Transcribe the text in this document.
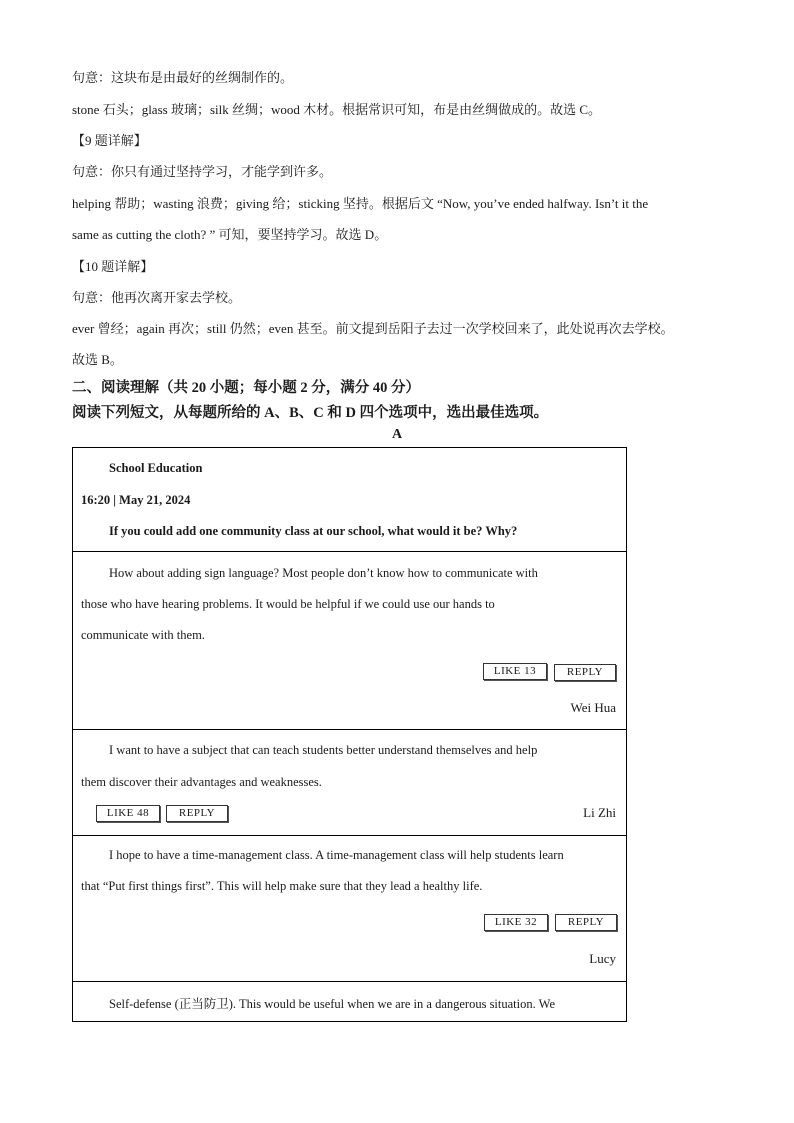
句意：这块布是由最好的丝绸制作的。
stone 石头；glass 玻璃；silk 丝绸；wood 木材。根据常识可知，布是由丝绸做成的。故选 C。
【9 题详解】
句意：你只有通过坚持学习，才能学到许多。
helping 帮助；wasting 浪费；giving 给；sticking 坚持。根据后文 “Now, you’ve ended halfway. Isn’t it the
same as cutting the cloth? ” 可知，要坚持学习。故选 D。
【10 题详解】
句意：他再次离开家去学校。
ever 曾经；again 再次；still 仍然；even 甚至。前文提到岳阳子去过一次学校回来了，此处说再次去学校。
故选 B。
二、阅读理解（共 20 小题；每小题 2 分，满分 40 分）
阅读下列短文，从每题所给的 A、B、C 和 D 四个选项中，选出最佳选项。
A
School Education
16:20 | May 21, 2024
If you could add one community class at our school, what would it be? Why?
How about adding sign language? Most people don’t know how to communicate with
those who have hearing problems. It would be helpful if we could use our hands to
communicate with them.
LIKE 13	REPLY
Wei Hua
I want to have a subject that can teach students better understand themselves and help
them discover their advantages and weaknesses.
LIKE 48	REPLY	Li Zhi
I hope to have a time-management class. A time-management class will help students learn
that “Put first things first”. This will help make sure that they lead a healthy life.
LIKE 32	REPLY
Lucy
Self-defense (正当防卫). This would be useful when we are in a dangerous situation. We
